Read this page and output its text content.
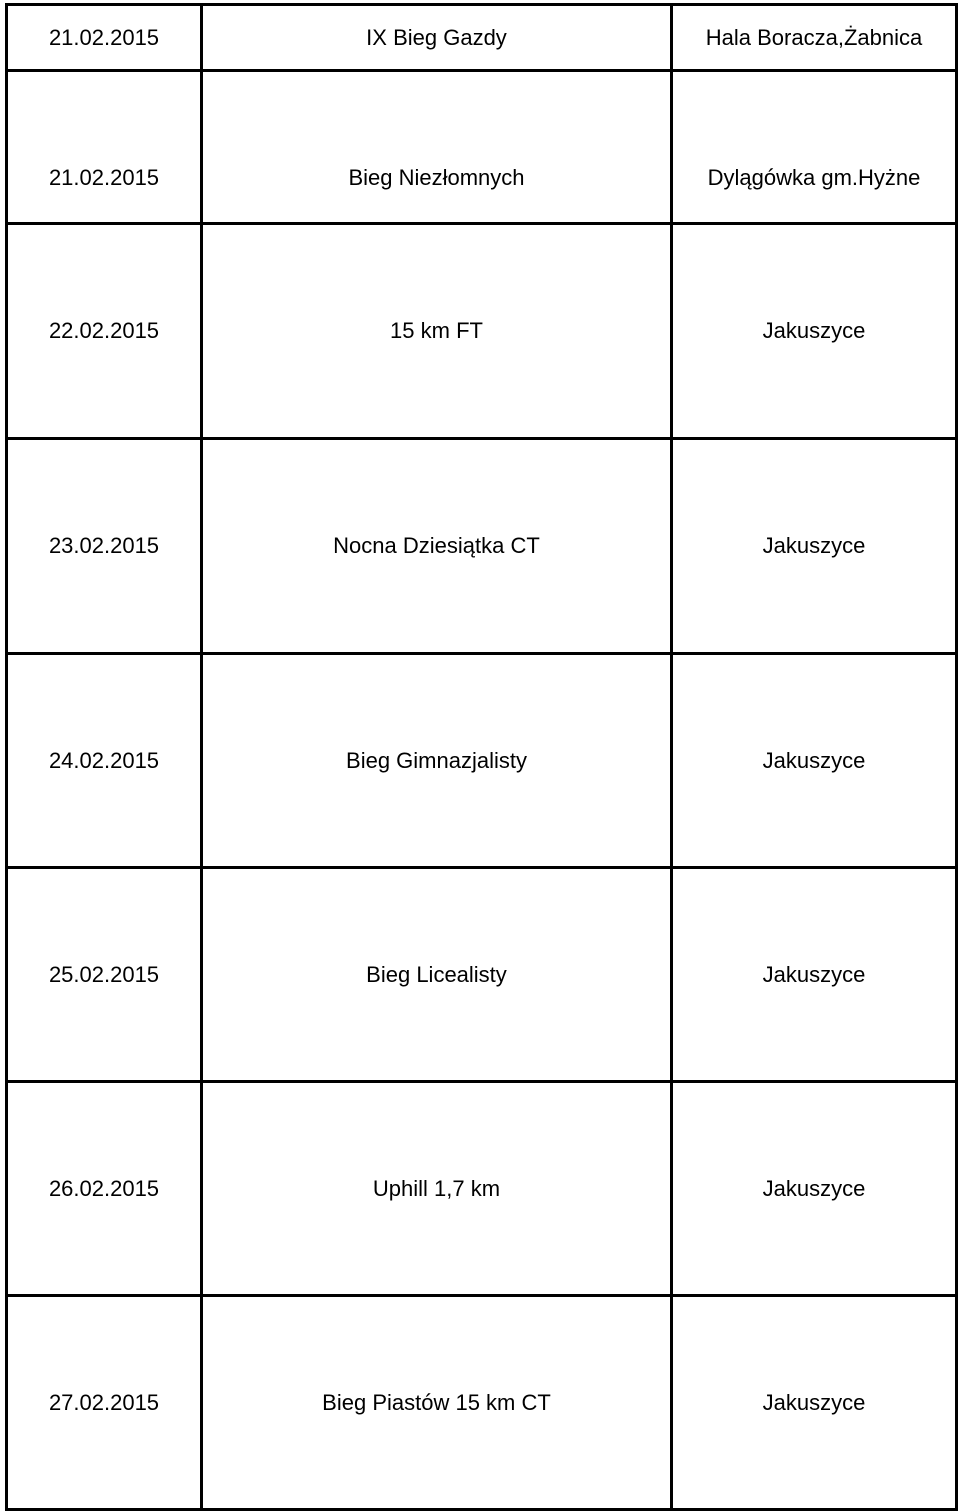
21.02.2015	IX Bieg Gazdy	Hala Boracza,Żabnica

21.02.2015	Bieg Niezłomnych	Dylągówka gm.Hyżne

22.02.2015	15 km FT	Jakuszyce

23.02.2015	Nocna Dziesiątka CT	Jakuszyce

24.02.2015	Bieg Gimnazjalisty	Jakuszyce

25.02.2015	Bieg Licealisty	Jakuszyce

26.02.2015	Uphill 1,7 km	Jakuszyce

27.02.2015	Bieg Piastów 15 km CT	Jakuszyce
